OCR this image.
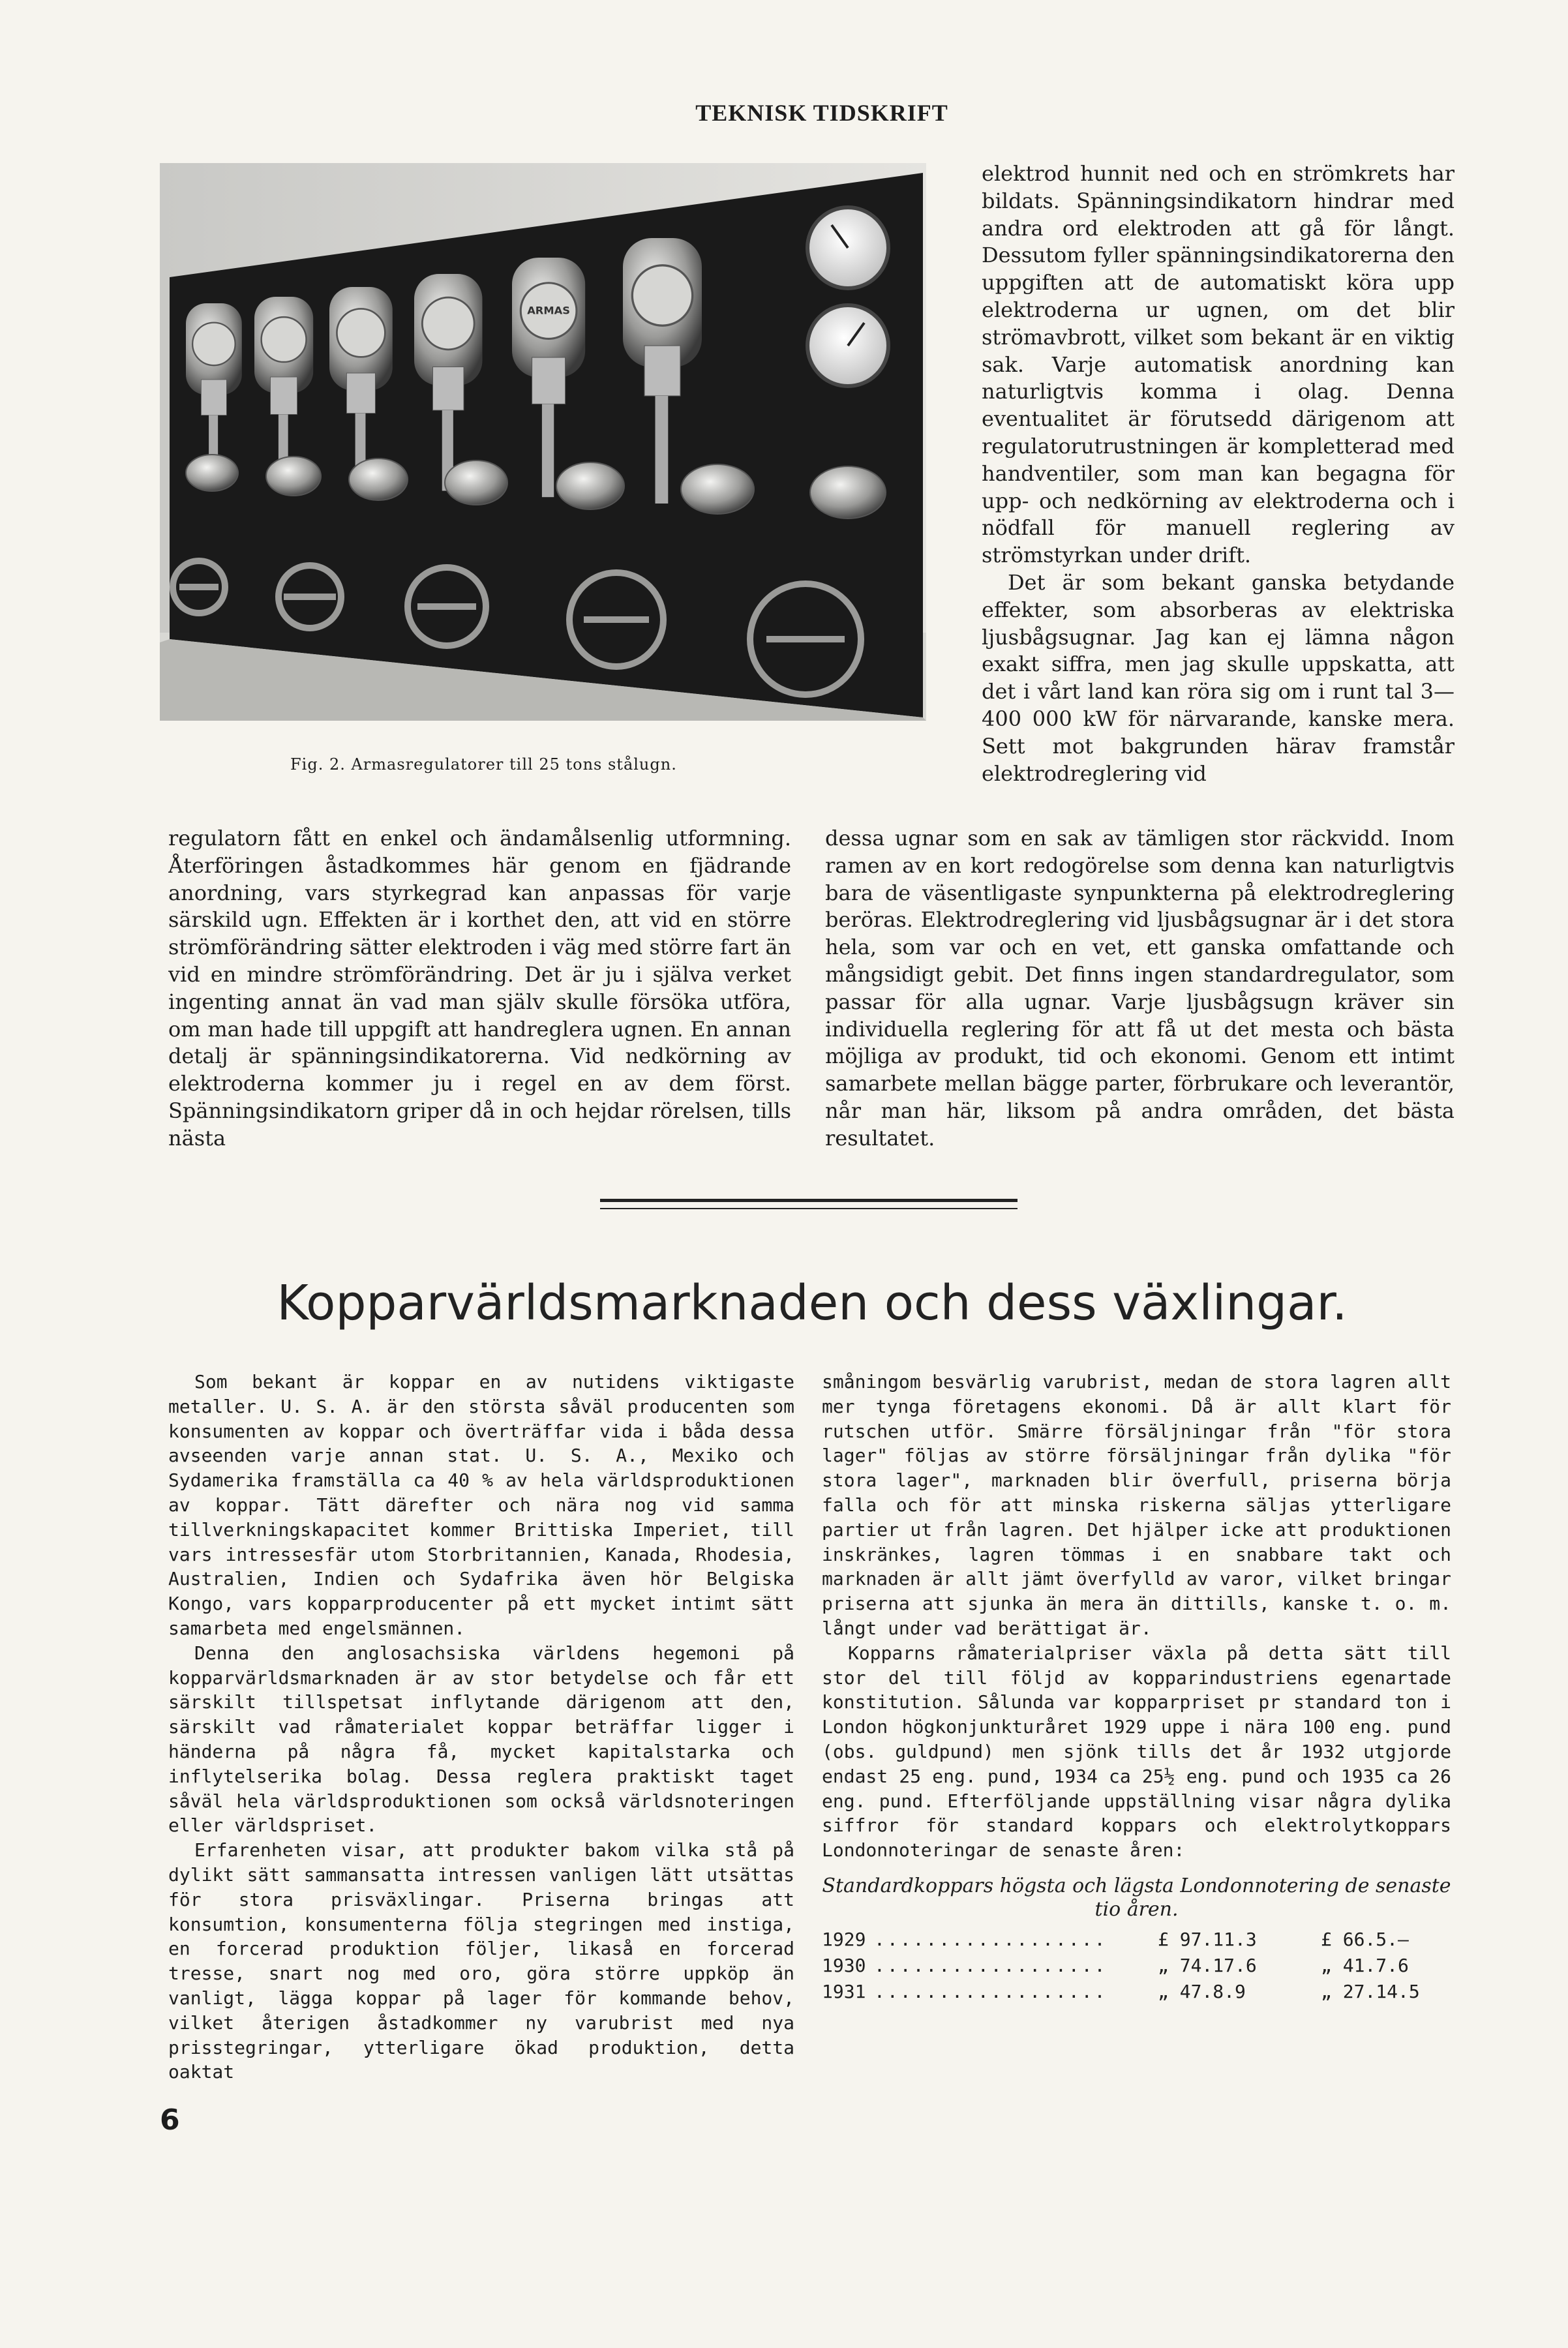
TEKNISK TIDSKRIFT
ARMAS
Fig. 2. Armasregulatorer till 25 tons stålugn.

elektrod hunnit ned och en strömkrets har bildats. Spänningsindikatorn hindrar med andra ord elektroden att gå för långt. Dessutom fyller spänningsindikatorerna den uppgiften att de automatiskt köra upp elektroderna ur ugnen, om det blir strömavbrott, vilket som bekant är en viktig sak. Varje automatisk anordning kan naturligtvis komma i olag. Denna eventualitet är förutsedd därigenom att regulatorutrustningen är kompletterad med handventiler, som man kan begagna för upp- och nedkörning av elektroderna och i nödfall för manuell reglering av strömstyrkan under drift.

Det är som bekant ganska betydande effekter, som absorberas av elektriska ljusbågsugnar. Jag kan ej lämna någon exakt siffra, men jag skulle uppskatta, att det i vårt land kan röra sig om i runt tal 3—400 000 kW för närvarande, kanske mera. Sett mot bakgrunden härav framstår elektrodreglering vid

regulatorn fått en enkel och ändamålsenlig utformning. Återföringen åstadkommes här genom en fjädrande anordning, vars styrkegrad kan anpassas för varje särskild ugn. Effekten är i korthet den, att vid en större strömförändring sätter elektroden i väg med större fart än vid en mindre strömförändring. Det är ju i själva verket ingenting annat än vad man själv skulle försöka utföra, om man hade till uppgift att handreglera ugnen. En annan detalj är spänningsindikatorerna. Vid nedkörning av elektroderna kommer ju i regel en av dem först. Spänningsindikatorn griper då in och hejdar rörelsen, tills nästa

dessa ugnar som en sak av tämligen stor räckvidd. Inom ramen av en kort redogörelse som denna kan naturligtvis bara de väsentligaste synpunkterna på elektrodreglering beröras. Elektrodreglering vid ljusbågsugnar är i det stora hela, som var och en vet, ett ganska omfattande och mångsidigt gebit. Det finns ingen standardregulator, som passar för alla ugnar. Varje ljusbågsugn kräver sin individuella reglering för att få ut det mesta och bästa möjliga av produkt, tid och ekonomi. Genom ett intimt samarbete mellan bägge parter, förbrukare och leverantör, når man här, liksom på andra områden, det bästa resultatet.

Kopparvärldsmarknaden och dess växlingar.

Som bekant är koppar en av nutidens viktigaste metaller. U. S. A. är den största såväl producenten som konsumenten av koppar och överträffar vida i båda dessa avseenden varje annan stat. U. S. A., Mexiko och Sydamerika framställa ca 40 % av hela världsproduktionen av koppar. Tätt därefter och nära nog vid samma tillverkningskapacitet kommer Brittiska Imperiet, till vars intressesfär utom Storbritannien, Kanada, Rhodesia, Australien, Indien och Sydafrika även hör Belgiska Kongo, vars kopparproducenter på ett mycket intimt sätt samarbeta med engelsmännen.

Denna den anglosachsiska världens hegemoni på kopparvärldsmarknaden är av stor betydelse och får ett särskilt tillspetsat inflytande därigenom att den, särskilt vad råmaterialet koppar beträffar ligger i händerna på några få, mycket kapitalstarka och inflytelserika bolag. Dessa reglera praktiskt taget såväl hela världsproduktionen som också världsnoteringen eller världspriset.

Erfarenheten visar, att produkter bakom vilka stå på dylikt sätt sammansatta intressen vanligen lätt utsättas för stora prisväxlingar. Priserna bringas att konsumtion, konsumenterna följa stegringen med instiga, en forcerad produktion följer, likaså en forcerad tresse, snart nog med oro, göra större uppköp än vanligt, lägga koppar på lager för kommande behov, vilket återigen åstadkommer ny varubrist med nya prisstegringar, ytterligare ökad produktion, detta oaktat

småningom besvärlig varubrist, medan de stora lagren allt mer tynga företagens ekonomi. Då är allt klart för rutschen utför. Smärre försäljningar från "för stora lager" följas av större försäljningar från dylika "för stora lager", marknaden blir överfull, priserna börja falla och för att minska riskerna säljas ytterligare partier ut från lagren. Det hjälper icke att produktionen inskränkes, lagren tömmas i en snabbare takt och marknaden är allt jämt överfylld av varor, vilket bringar priserna att sjunka än mera än dittills, kanske t. o. m. långt under vad berättigat är.

Kopparns råmaterialpriser växla på detta sätt till stor del till följd av kopparindustriens egenartade konstitution. Sålunda var kopparpriset pr standard ton i London högkonjunkturåret 1929 uppe i nära 100 eng. pund (obs. guldpund) men sjönk tills det år 1932 utgjorde endast 25 eng. pund, 1934 ca 25½ eng. pund och 1935 ca 26 eng. pund. Efterföljande uppställning visar några dylika siffror för standard koppars och elektrolytkoppars Londonnoteringar de senaste åren:

Standardkoppars högsta och lägsta Londonnotering de senaste tio åren.
1929 ..................	£ 97.11.3	£ 66.5.—
1930 ..................	„ 74.17.6	„ 41.7.6
1931 ..................	„ 47.8.9	„ 27.14.5
6
